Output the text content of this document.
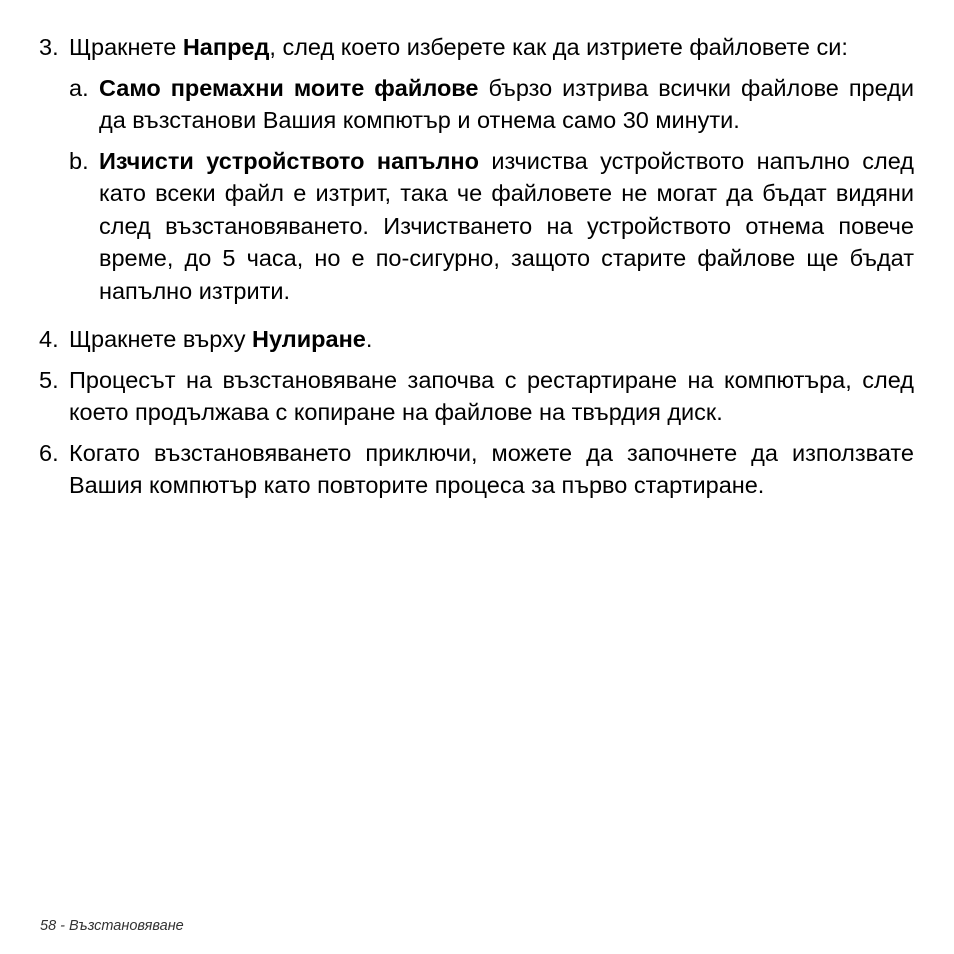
3. Щракнете Напред, след което изберете как да изтриете файловете си:
a. Само премахни моите файлове бързо изтрива всички файлове преди да възстанови Вашия компютър и отнема само 30 минути.
b. Изчисти устройството напълно изчиства устройството напълно след като всеки файл е изтрит, така че файловете не могат да бъдат видяни след възстановяването. Изчистването на устройството отнема повече време, до 5 часа, но е по-сигурно, защото старите файлове ще бъдат напълно изтрити.
4. Щракнете върху Нулиране.
5. Процесът на възстановяване започва с рестартиране на компютъра, след което продължава с копиране на файлове на твърдия диск.
6. Когато възстановяването приключи, можете да започнете да използвате Вашия компютър като повторите процеса за първо стартиране.
58 - Възстановяване
